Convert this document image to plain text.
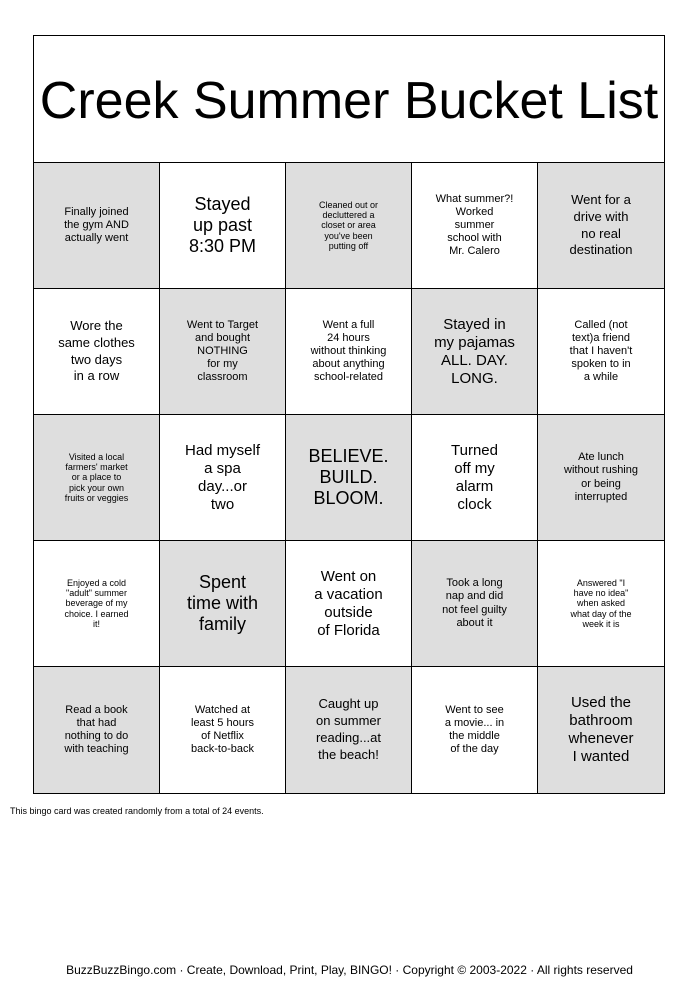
Creek Summer Bucket List
Finally joined
the gym AND
actually went
Stayed
up past
8:30 PM
Cleaned out or
decluttered a
closet or area
you've been
putting off
What summer?!
Worked
summer
school with
Mr. Calero
Went for a
drive with
no real
destination
Wore the
same clothes
two days
in a row
Went to Target
and bought
NOTHING
for my
classroom
Went a full
24 hours
without thinking
about anything
school-related
Stayed in
my pajamas
ALL. DAY.
LONG.
Called (not
text)a friend
that I haven't
spoken to in
a while
Visited a local
farmers' market
or a place to
pick your own
fruits or veggies
Had myself
a spa
day...or
two
BELIEVE.
BUILD.
BLOOM.
Turned
off my
alarm
clock
Ate lunch
without rushing
or being
interrupted
Enjoyed a cold
"adult" summer
beverage of my
choice. I earned
it!
Spent
time with
family
Went on
a vacation
outside
of Florida
Took a long
nap and did
not feel guilty
about it
Answered "I
have no idea"
when asked
what day of the
week it is
Read a book
that had
nothing to do
with teaching
Watched at
least 5 hours
of Netflix
back-to-back
Caught up
on summer
reading...at
the beach!
Went to see
a movie... in
the middle
of the day
Used the
bathroom
whenever
I wanted
This bingo card was created randomly from a total of 24 events.
BuzzBuzzBingo.com · Create, Download, Print, Play, BINGO! · Copyright © 2003-2022 · All rights reserved
